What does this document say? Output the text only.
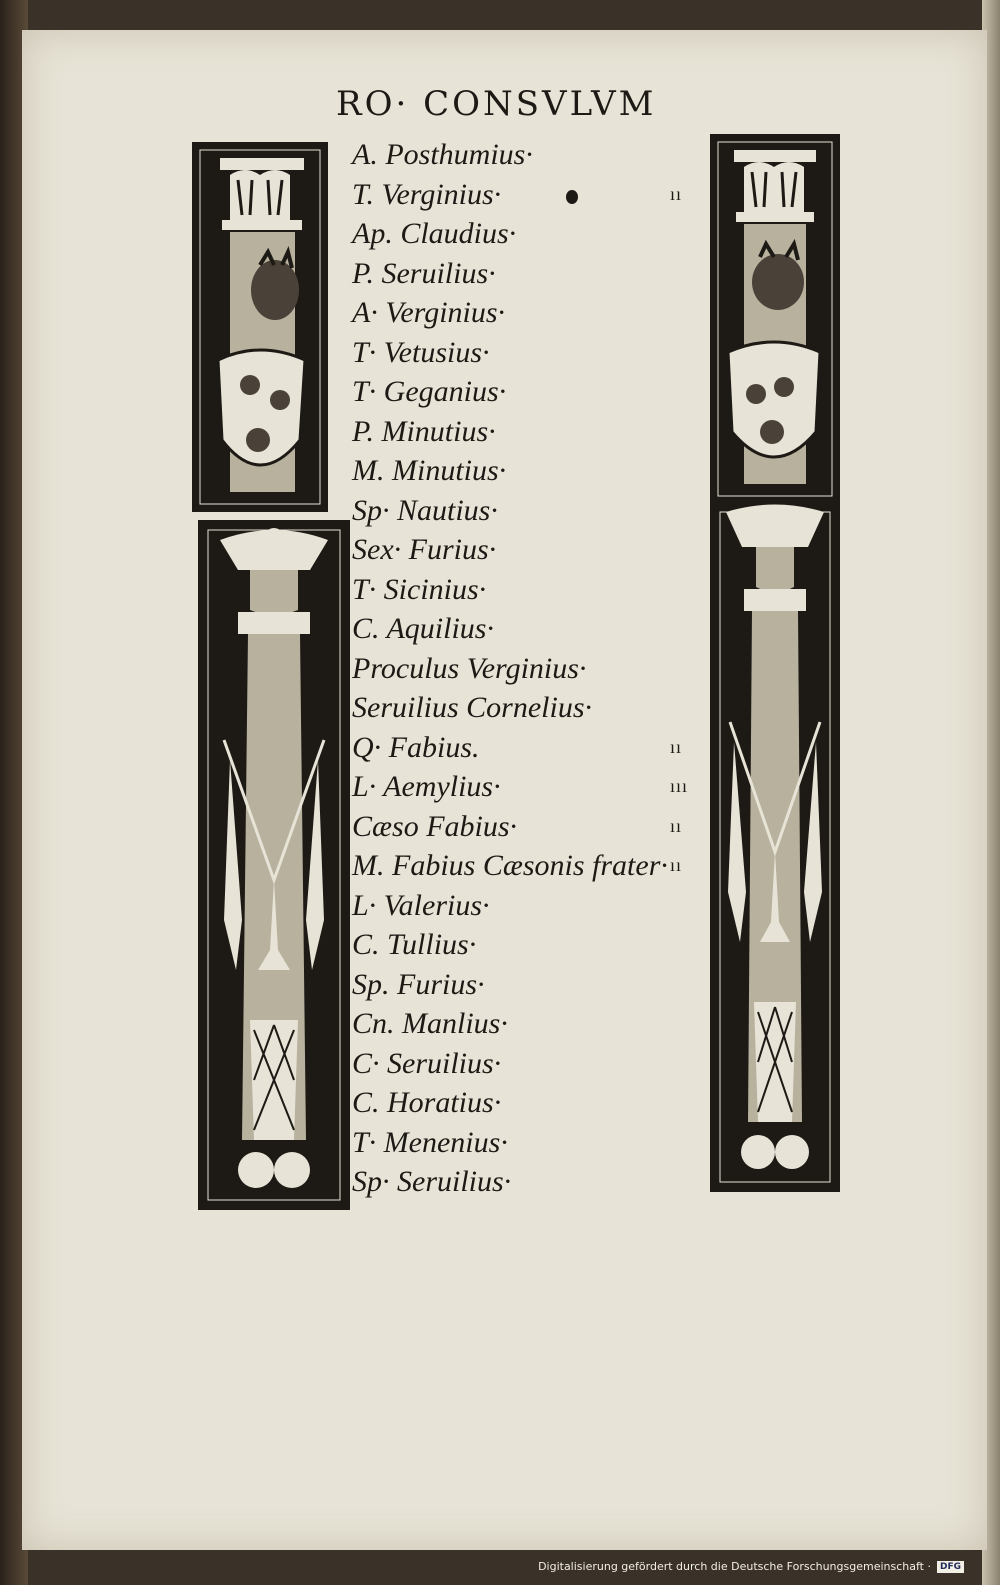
RO· CONSVLVM
A. Posthumius·
T. Verginius·	ıı
Ap. Claudius·
P. Seruilius·
A· Verginius·
T· Vetusius·
T· Geganius·
P. Minutius·
M. Minutius·
Sp· Nautius·
Sex· Furius·
T· Sicinius·
C. Aquilius·
Proculus Verginius·
Seruilius Cornelius·
Q· Fabius.	ıı
L· Aemylius·	ııı
Cæso Fabius·	ıı
M. Fabius Cæsonis frater· ıı
L· Valerius·
C. Tullius·
Sp. Furius·
Cn. Manlius·
C· Seruilius·
C. Horatius·
T· Menenius·
Sp· Seruilius·
Digitalisierung gefördert durch die Deutsche Forschungsgemeinschaft ·	DFG
